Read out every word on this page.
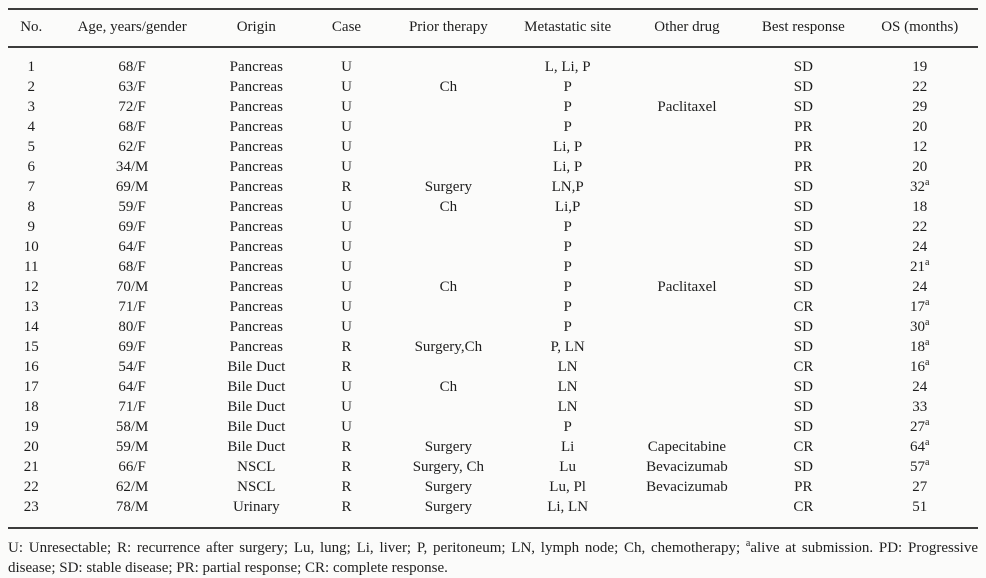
No.	Age, years/gender	Origin	Case	Prior therapy	Metastatic site	Other drug	Best response	OS (months)
1	68/F	Pancreas	U		L, Li, P		SD	19
2	63/F	Pancreas	U	Ch	P		SD	22
3	72/F	Pancreas	U		P	Paclitaxel	SD	29
4	68/F	Pancreas	U		P		PR	20
5	62/F	Pancreas	U		Li, P		PR	12
6	34/M	Pancreas	U		Li, P		PR	20
7	69/M	Pancreas	R	Surgery	LN,P		SD	32$^a$
8	59/F	Pancreas	U	Ch	Li,P		SD	18
9	69/F	Pancreas	U		P		SD	22
10	64/F	Pancreas	U		P		SD	24
11	68/F	Pancreas	U		P		SD	21$^a$
12	70/M	Pancreas	U	Ch	P	Paclitaxel	SD	24
13	71/F	Pancreas	U		P		CR	17$^a$
14	80/F	Pancreas	U		P		SD	30$^a$
15	69/F	Pancreas	R	Surgery,Ch	P, LN		SD	18$^a$
16	54/F	Bile Duct	R		LN		CR	16$^a$
17	64/F	Bile Duct	U	Ch	LN		SD	24
18	71/F	Bile Duct	U		LN		SD	33
19	58/M	Bile Duct	U		P		SD	27$^a$
20	59/M	Bile Duct	R	Surgery	Li	Capecitabine	CR	64$^a$
21	66/F	NSCL	R	Surgery, Ch	Lu	Bevacizumab	SD	57$^a$
22	62/M	NSCL	R	Surgery	Lu, Pl	Bevacizumab	PR	27
23	78/M	Urinary	R	Surgery	Li, LN		CR	51

U: Unresectable; R: recurrence after surgery; Lu, lung; Li, liver; P, peritoneum; LN, lymph node; Ch, chemotherapy; $^a$alive at submission. PD: Progressive disease; SD: stable disease; PR: partial response; CR: complete response.
